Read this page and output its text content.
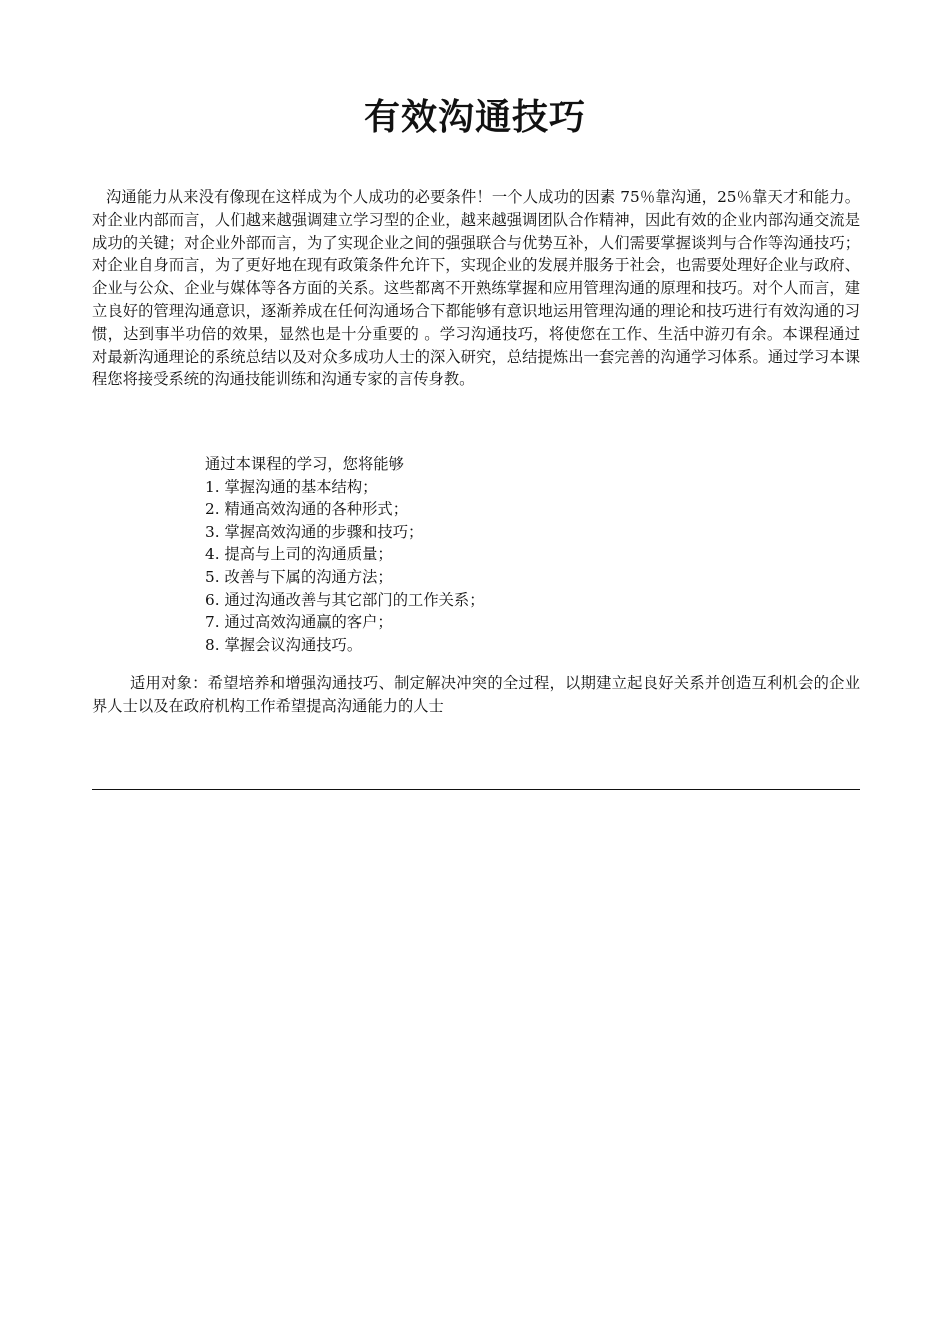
有效沟通技巧

沟通能力从来没有像现在这样成为个人成功的必要条件！一个人成功的因素 75％靠沟通，25％靠天才和能力。对企业内部而言，人们越来越强调建立学习型的企业，越来越强调团队合作精神，因此有效的企业内部沟通交流是成功的关键；对企业外部而言，为了实现企业之间的强强联合与优势互补，人们需要掌握谈判与合作等沟通技巧；对企业自身而言，为了更好地在现有政策条件允许下，实现企业的发展并服务于社会，也需要处理好企业与政府、企业与公众、企业与媒体等各方面的关系。这些都离不开熟练掌握和应用管理沟通的原理和技巧。对个人而言，建立良好的管理沟通意识，逐渐养成在任何沟通场合下都能够有意识地运用管理沟通的理论和技巧进行有效沟通的习惯，达到事半功倍的效果，显然也是十分重要的 。学习沟通技巧，将使您在工作、生活中游刃有余。本课程通过对最新沟通理论的系统总结以及对众多成功人士的深入研究，总结提炼出一套完善的沟通学习体系。通过学习本课程您将接受系统的沟通技能训练和沟通专家的言传身教。

通过本课程的学习，您将能够
1. 掌握沟通的基本结构；
2. 精通高效沟通的各种形式；
3. 掌握高效沟通的步骤和技巧；
4. 提高与上司的沟通质量；
5. 改善与下属的沟通方法；
6. 通过沟通改善与其它部门的工作关系；
7. 通过高效沟通赢的客户；
8. 掌握会议沟通技巧。

适用对象：希望培养和增强沟通技巧、制定解决冲突的全过程，以期建立起良好关系并创造互利机会的企业界人士以及在政府机构工作希望提高沟通能力的人士
